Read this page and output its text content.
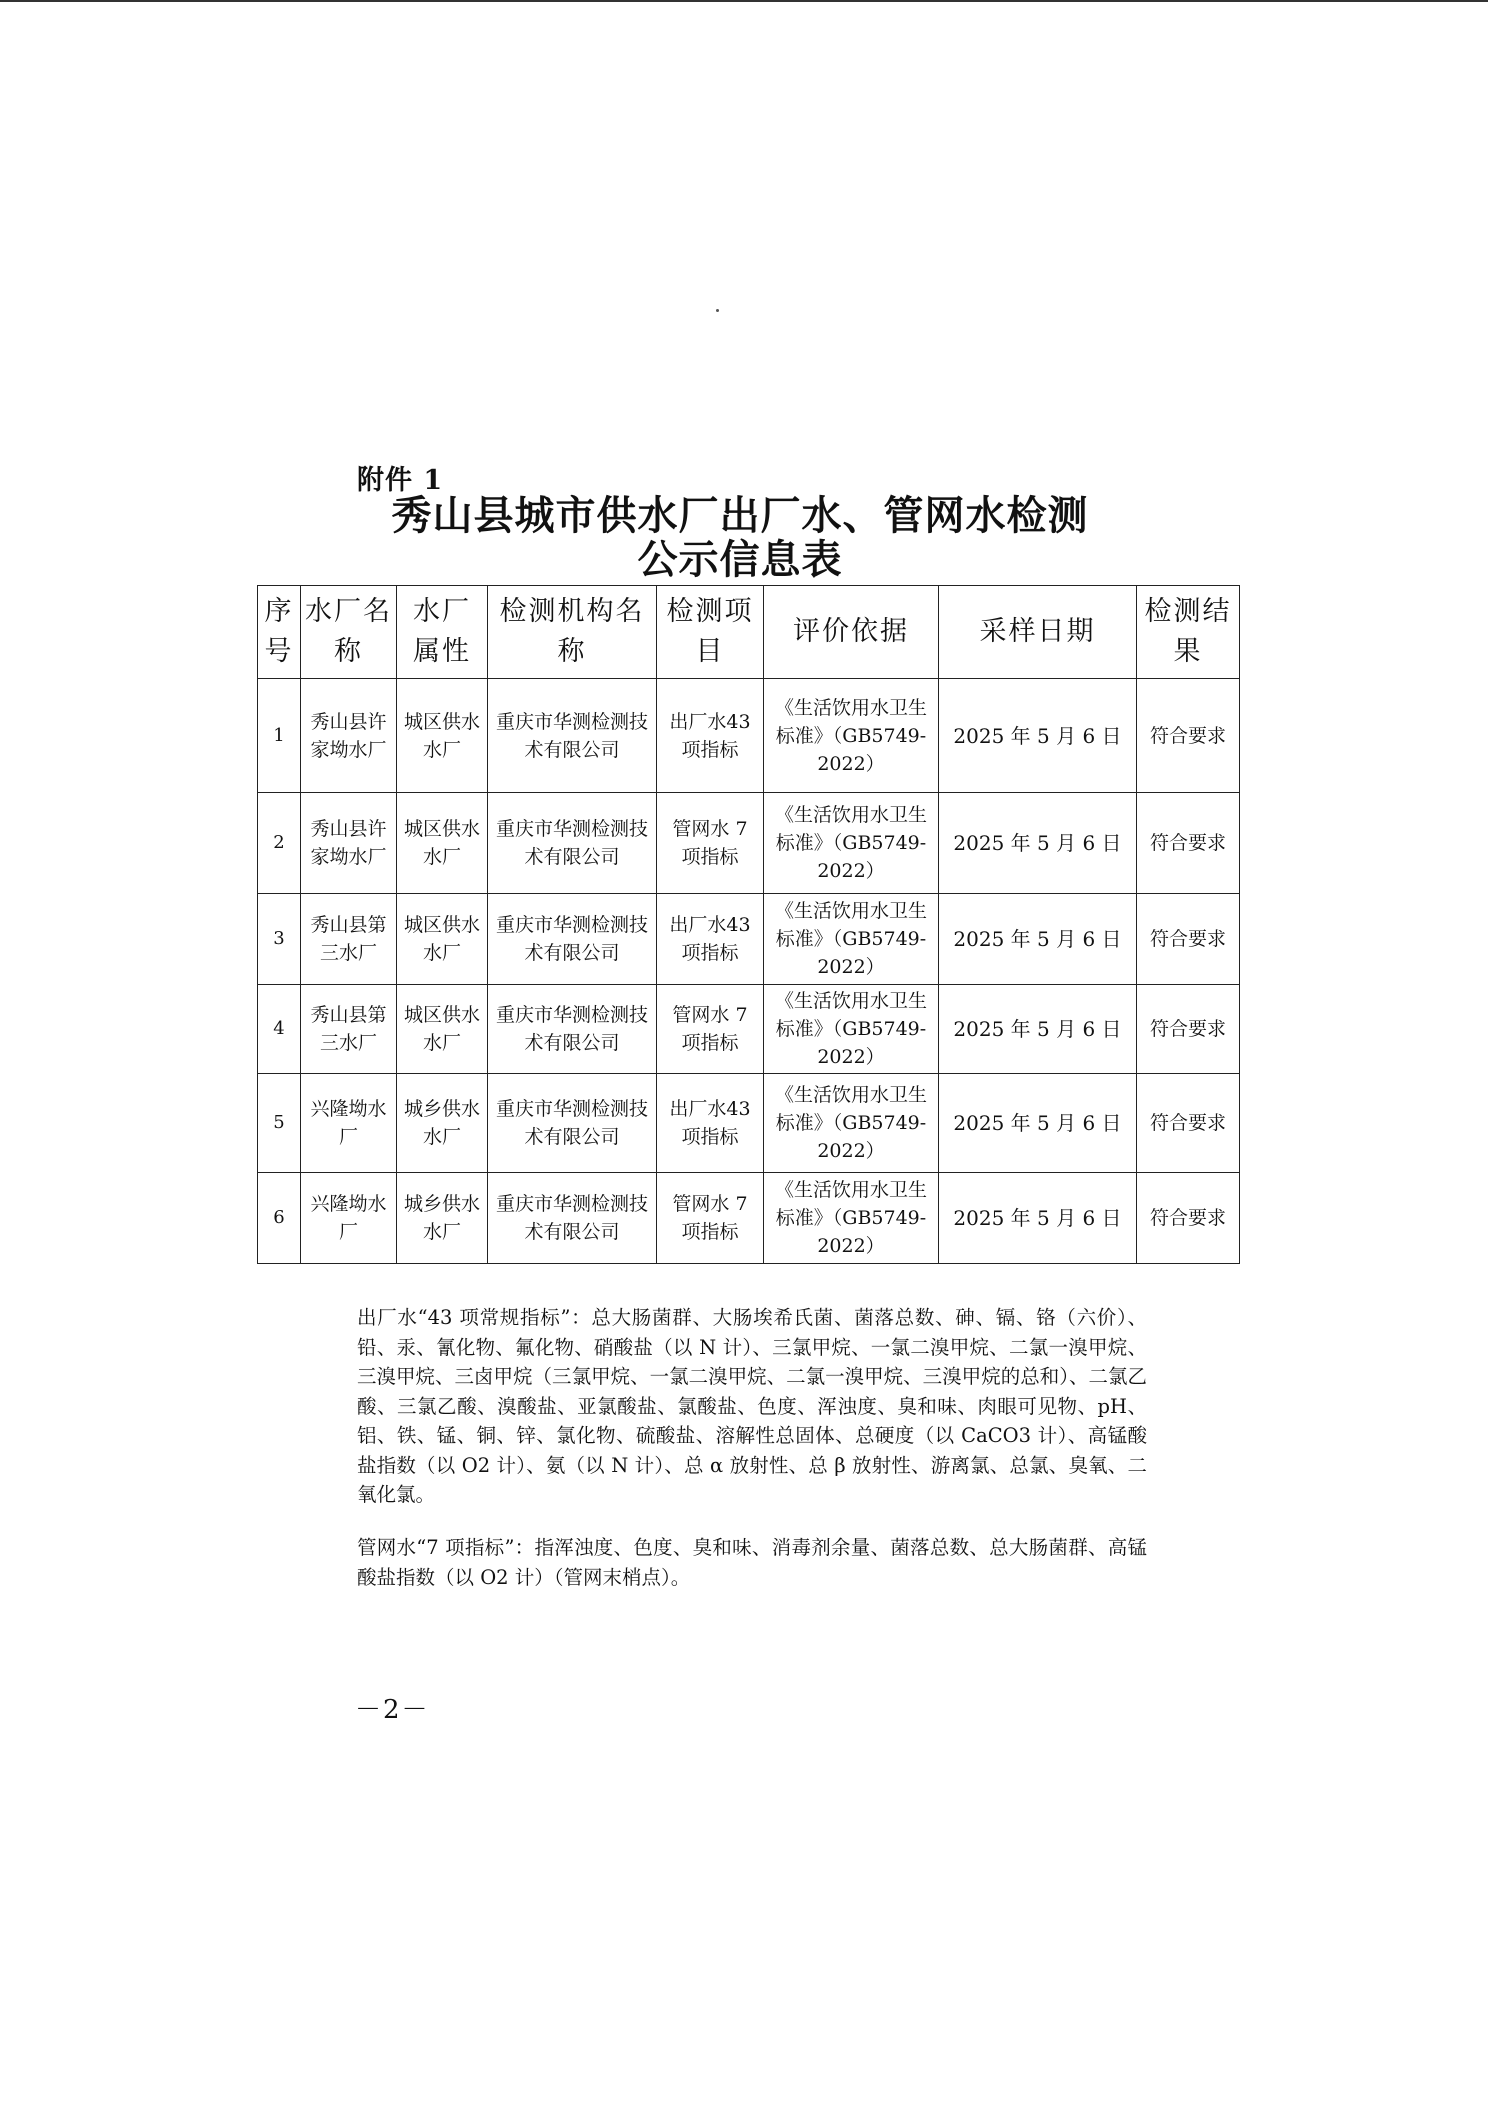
附件 1
秀山县城市供水厂出厂水、管网水检测
公示信息表
序号	水厂名称	水厂属性	检测机构名称	检测项目	评价依据	采样日期	检测结果
1	秀山县许家坳水厂	城区供水水厂	重庆市华测检测技术有限公司	出厂水43项指标	《生活饮用水卫生标准》（GB5749-2022）	2025 年 5 月 6 日	符合要求
2	秀山县许家坳水厂	城区供水水厂	重庆市华测检测技术有限公司	管网水 7 项指标	《生活饮用水卫生标准》（GB5749-2022）	2025 年 5 月 6 日	符合要求
3	秀山县第三水厂	城区供水水厂	重庆市华测检测技术有限公司	出厂水43项指标	《生活饮用水卫生标准》（GB5749-2022）	2025 年 5 月 6 日	符合要求
4	秀山县第三水厂	城区供水水厂	重庆市华测检测技术有限公司	管网水 7 项指标	《生活饮用水卫生标准》（GB5749-2022）	2025 年 5 月 6 日	符合要求
5	兴隆坳水厂	城乡供水水厂	重庆市华测检测技术有限公司	出厂水43项指标	《生活饮用水卫生标准》（GB5749-2022）	2025 年 5 月 6 日	符合要求
6	兴隆坳水厂	城乡供水水厂	重庆市华测检测技术有限公司	管网水 7 项指标	《生活饮用水卫生标准》（GB5749-2022）	2025 年 5 月 6 日	符合要求
出厂水“43 项常规指标”：总大肠菌群、大肠埃希氏菌、菌落总数、砷、镉、铬（六价）、铅、汞、氰化物、氟化物、硝酸盐（以 N 计）、三氯甲烷、一氯二溴甲烷、二氯一溴甲烷、三溴甲烷、三卤甲烷（三氯甲烷、一氯二溴甲烷、二氯一溴甲烷、三溴甲烷的总和）、二氯乙酸、三氯乙酸、溴酸盐、亚氯酸盐、氯酸盐、色度、浑浊度、臭和味、肉眼可见物、pH、铝、铁、锰、铜、锌、氯化物、硫酸盐、溶解性总固体、总硬度（以 CaCO3 计）、高锰酸盐指数（以 O2 计）、氨（以 N 计）、总 α 放射性、总 β 放射性、游离氯、总氯、臭氧、二氧化氯。
管网水“7 项指标”：指浑浊度、色度、臭和味、消毒剂余量、菌落总数、总大肠菌群、高锰酸盐指数（以 O2 计）（管网末梢点）。
－2－
